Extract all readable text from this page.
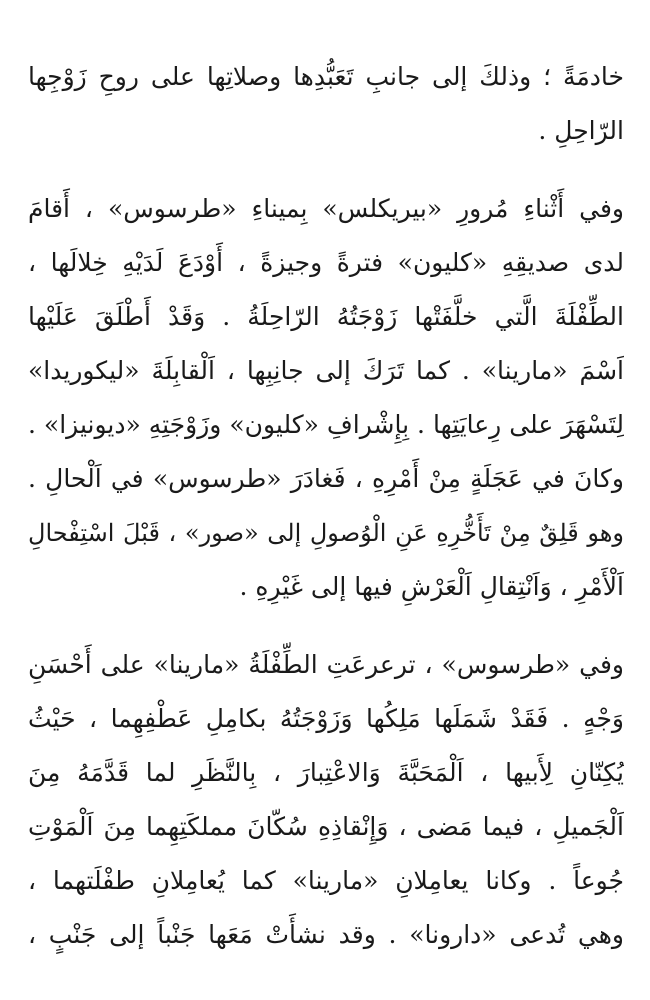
خادمَةً ؛ وذلكَ إلى جانبِ تَعَبُّدِها وصلاتِها على روحِ زَوْجِها
الرّاحِلِ .

وفي أَثْناءِ مُرورِ «بيريكلس» بِميناءِ «طرسوس» ، أَقامَ
لدى صديقِهِ «كليون» فترةً وجيزةً ، أَوْدَعَ لَدَيْهِ خِلالَها ،
الطِّفْلَةَ الَّتي خلَّفَتْها زَوْجَتُهُ الرّاحِلَةُ . وَقَدْ أَطْلَقَ عَلَيْها
اَسْمَ «مارينا» . كما تَرَكَ إلى جانِبِها ، اَلْقابِلَةَ «ليكوريدا»
لِتَسْهَرَ على رِعايَتِها . بِإِشْرافِ «كليون» وزَوْجَتِهِ «ديونيزا» .
وكانَ في عَجَلَةٍ مِنْ أَمْرِهِ ، فَغادَرَ «طرسوس» في اَلْحالِ .
وهو قَلِقٌ مِنْ تَأَخُّرِهِ عَنِ الْوُصولِ إلى «صور» ، قَبْلَ اسْتِفْحالِ
اَلْأَمْرِ ، وَاَنْتِقالِ اَلْعَرْشِ فيها إلى غَيْرِهِ .

وفي «طرسوس» ، ترعرعَتِ الطِّفْلَةُ «مارينا» على أَحْسَنِ
وَجْهٍ . فَقَدْ شَمَلَها مَلِكُها وَزَوْجَتُهُ بكامِلِ عَطْفِهِما ، حَيْثُ
يُكِنّانِ لِأَبيها ، اَلْمَحَبَّةَ وَالاعْتِبارَ ، بِالنَّظَرِ لما قَدَّمَهُ مِنَ
اَلْجَميلِ ، فيما مَضى ، وَإِنْقاذِهِ سُكّانَ مملكَتِهِما مِنَ اَلْمَوْتِ
جُوعاً . وكانا يعامِلانِ «مارينا» كما يُعامِلانِ طفْلَتهما ،
وهي تُدعى «دارونا» . وقد نشأَتْ مَعَها جَنْباً إلى جَنْبٍ ،
